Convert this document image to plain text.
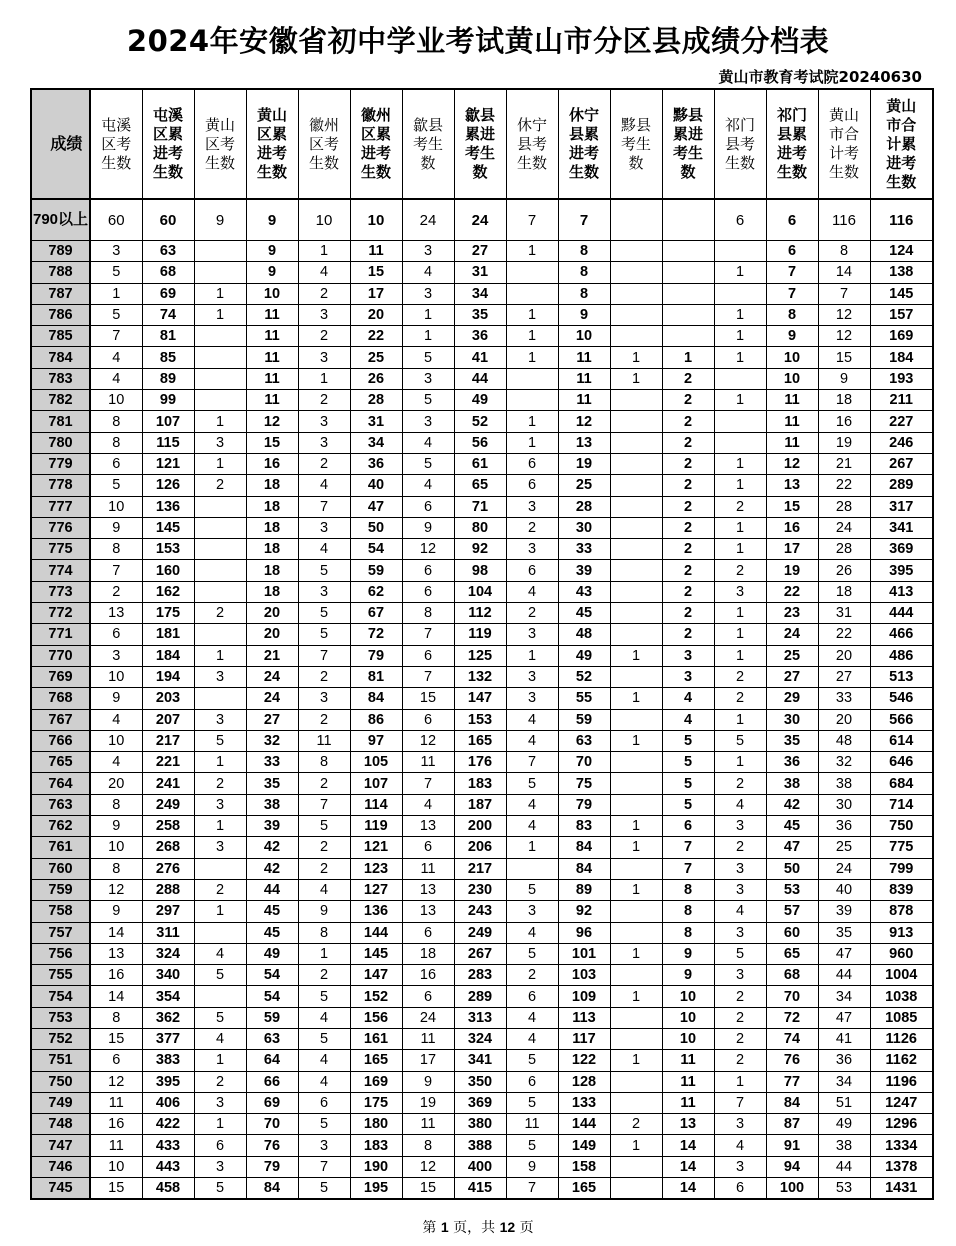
2024年安徽省初中学业考试黄山市分区县成绩分档表
黄山市教育考试院20240630
成绩	屯溪区考生数	屯溪区累进考生数	黄山区考生数	黄山区累进考生数	徽州区考生数	徽州区累进考生数	歙县考生数	歙县累进考生数	休宁县考生数	休宁县累进考生数	黟县考生数	黟县累进考生数	祁门县考生数	祁门县累进考生数	黄山市合计考生数	黄山市合计累进考生数
790以上	60	60	9	9	10	10	24	24	7	7			6	6	116	116
789	3	63		9	1	11	3	27	1	8				6	8	124
788	5	68		9	4	15	4	31		8			1	7	14	138
787	1	69	1	10	2	17	3	34		8				7	7	145
786	5	74	1	11	3	20	1	35	1	9			1	8	12	157
785	7	81		11	2	22	1	36	1	10			1	9	12	169
784	4	85		11	3	25	5	41	1	11	1	1	1	10	15	184
783	4	89		11	1	26	3	44		11	1	2		10	9	193
782	10	99		11	2	28	5	49		11		2	1	11	18	211
781	8	107	1	12	3	31	3	52	1	12		2		11	16	227
780	8	115	3	15	3	34	4	56	1	13		2		11	19	246
779	6	121	1	16	2	36	5	61	6	19		2	1	12	21	267
778	5	126	2	18	4	40	4	65	6	25		2	1	13	22	289
777	10	136		18	7	47	6	71	3	28		2	2	15	28	317
776	9	145		18	3	50	9	80	2	30		2	1	16	24	341
775	8	153		18	4	54	12	92	3	33		2	1	17	28	369
774	7	160		18	5	59	6	98	6	39		2	2	19	26	395
773	2	162		18	3	62	6	104	4	43		2	3	22	18	413
772	13	175	2	20	5	67	8	112	2	45		2	1	23	31	444
771	6	181		20	5	72	7	119	3	48		2	1	24	22	466
770	3	184	1	21	7	79	6	125	1	49	1	3	1	25	20	486
769	10	194	3	24	2	81	7	132	3	52		3	2	27	27	513
768	9	203		24	3	84	15	147	3	55	1	4	2	29	33	546
767	4	207	3	27	2	86	6	153	4	59		4	1	30	20	566
766	10	217	5	32	11	97	12	165	4	63	1	5	5	35	48	614
765	4	221	1	33	8	105	11	176	7	70		5	1	36	32	646
764	20	241	2	35	2	107	7	183	5	75		5	2	38	38	684
763	8	249	3	38	7	114	4	187	4	79		5	4	42	30	714
762	9	258	1	39	5	119	13	200	4	83	1	6	3	45	36	750
761	10	268	3	42	2	121	6	206	1	84	1	7	2	47	25	775
760	8	276		42	2	123	11	217		84		7	3	50	24	799
759	12	288	2	44	4	127	13	230	5	89	1	8	3	53	40	839
758	9	297	1	45	9	136	13	243	3	92		8	4	57	39	878
757	14	311		45	8	144	6	249	4	96		8	3	60	35	913
756	13	324	4	49	1	145	18	267	5	101	1	9	5	65	47	960
755	16	340	5	54	2	147	16	283	2	103		9	3	68	44	1004
754	14	354		54	5	152	6	289	6	109	1	10	2	70	34	1038
753	8	362	5	59	4	156	24	313	4	113		10	2	72	47	1085
752	15	377	4	63	5	161	11	324	4	117		10	2	74	41	1126
751	6	383	1	64	4	165	17	341	5	122	1	11	2	76	36	1162
750	12	395	2	66	4	169	9	350	6	128		11	1	77	34	1196
749	11	406	3	69	6	175	19	369	5	133		11	7	84	51	1247
748	16	422	1	70	5	180	11	380	11	144	2	13	3	87	49	1296
747	11	433	6	76	3	183	8	388	5	149	1	14	4	91	38	1334
746	10	443	3	79	7	190	12	400	9	158		14	3	94	44	1378
745	15	458	5	84	5	195	15	415	7	165		14	6	100	53	1431
第 1 页，共 12 页
